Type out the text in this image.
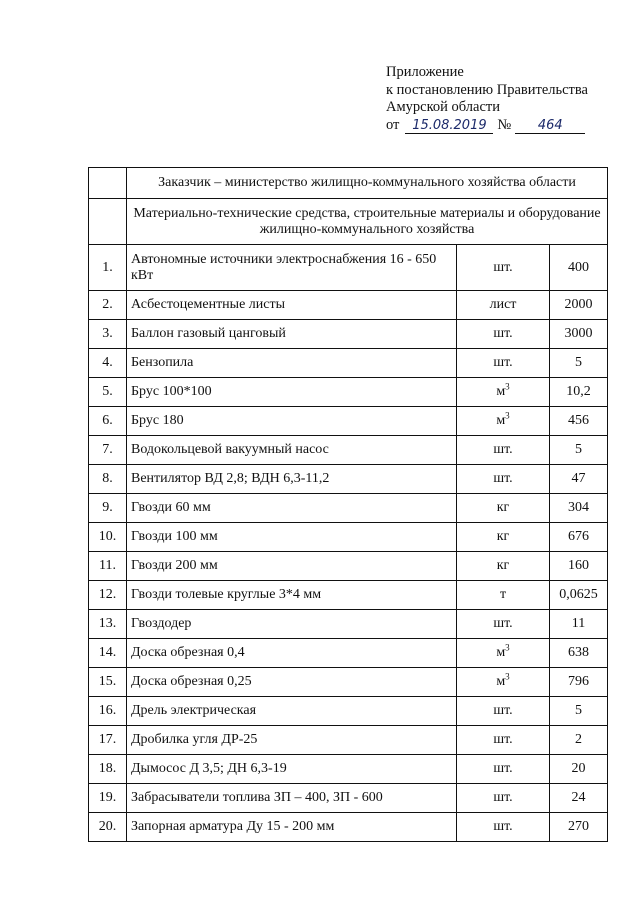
Приложение
к постановлению Правительства
Амурской области
от 15.08.2019 №	464
	Заказчик – министерство жилищно-коммунального хозяйства области		
	Материально-технические средства, строительные материалы и оборудование жилищно-коммунального хозяйства		
1.	Автономные источники электроснабжения 16 - 650 кВт	шт.	400
2.	Асбестоцементные листы	лист	2000
3.	Баллон газовый цанговый	шт.	3000
4.	Бензопила	шт.	5
5.	Брус 100*100	$м^3$	10,2
6.	Брус 180	$м^3$	456
7.	Водокольцевой вакуумный насос	шт.	5
8.	Вентилятор ВД 2,8; ВДН 6,3-11,2	шт.	47
9.	Гвозди 60 мм	кг	304
10.	Гвозди 100 мм	кг	676
11.	Гвозди 200 мм	кг	160
12.	Гвозди толевые круглые 3*4 мм	т	0,0625
13.	Гвоздодер	шт.	11
14.	Доска обрезная 0,4	$м^3$	638
15.	Доска обрезная 0,25	$м^3$	796
16.	Дрель электрическая	шт.	5
17.	Дробилка угля ДР-25	шт.	2
18.	Дымосос Д 3,5; ДН 6,3-19	шт.	20
19.	Забрасыватели топлива ЗП – 400, ЗП - 600	шт.	24
20.	Запорная арматура Ду 15 - 200 мм	шт.	270
